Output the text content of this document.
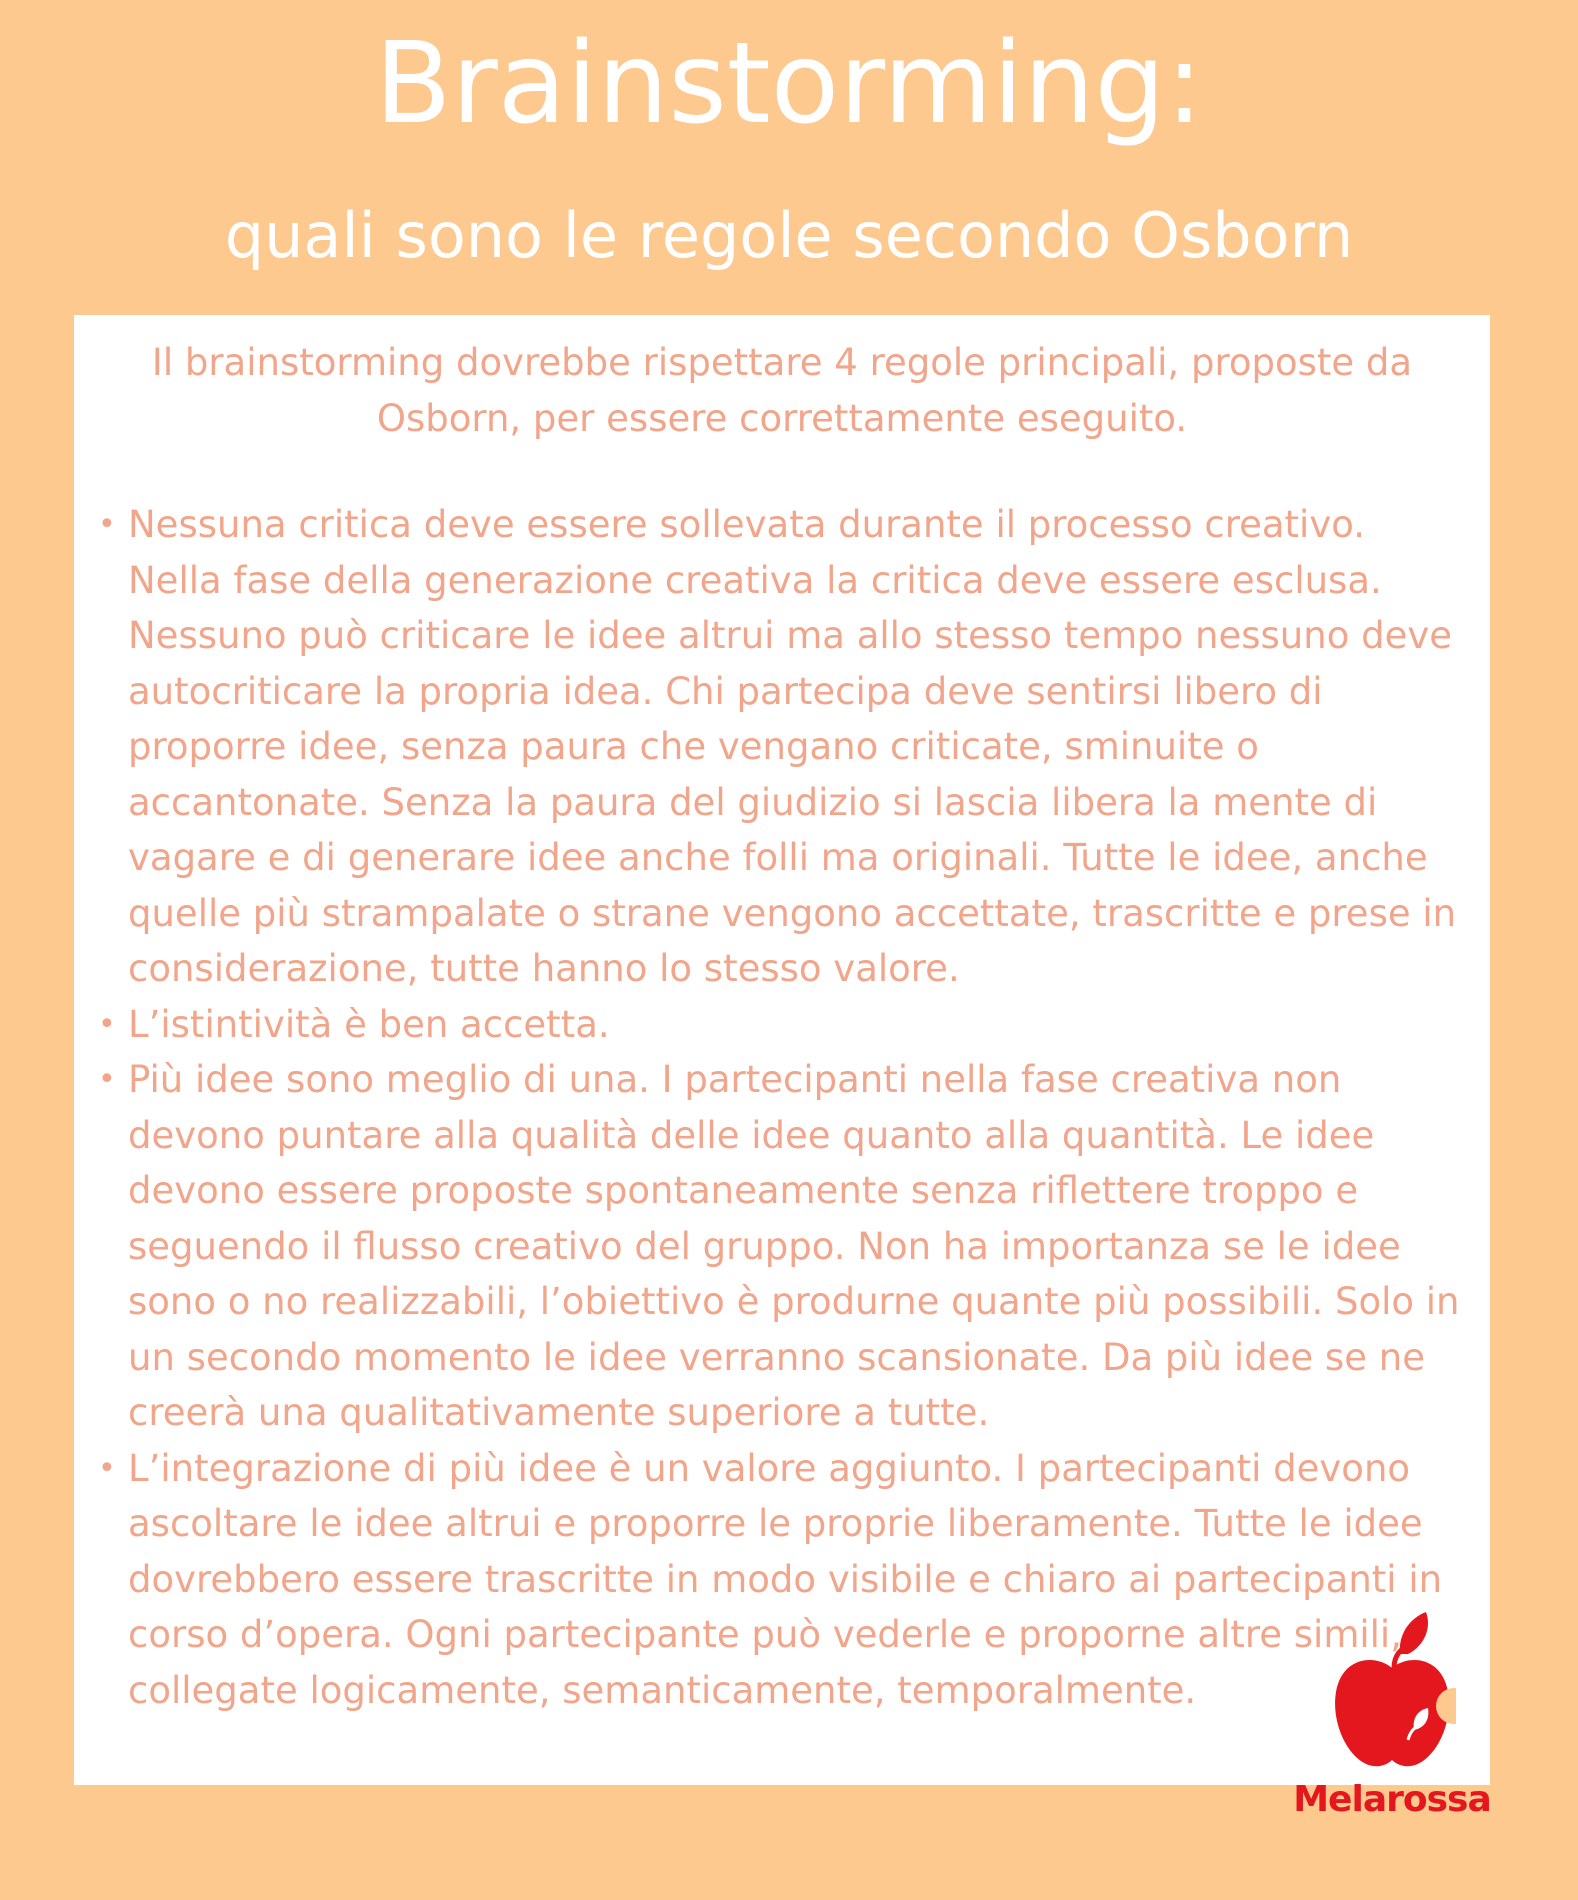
Brainstorming:
quali sono le regole secondo Osborn

Il brainstorming dovrebbe rispettare 4 regole principali, proposte da Osborn, per essere correttamente eseguito.

• Nessuna critica deve essere sollevata durante il processo creativo. Nella fase della generazione creativa la critica deve essere esclusa. Nessuno può criticare le idee altrui ma allo stesso tempo nessuno deve autocriticare la propria idea. Chi partecipa deve sentirsi libero di proporre idee, senza paura che vengano criticate, sminuite o accantonate. Senza la paura del giudizio si lascia libera la mente di vagare e di generare idee anche folli ma originali. Tutte le idee, anche quelle più strampalate o strane vengono accettate, trascritte e prese in considerazione, tutte hanno lo stesso valore.
• L’istintività è ben accetta.
• Più idee sono meglio di una. I partecipanti nella fase creativa non devono puntare alla qualità delle idee quanto alla quantità. Le idee devono essere proposte spontaneamente senza riflettere troppo e seguendo il flusso creativo del gruppo. Non ha importanza se le idee sono o no realizzabili, l’obiettivo è produrne quante più possibili. Solo in un secondo momento le idee verranno scansionate. Da più idee se ne creerà una qualitativamente superiore a tutte.
• L’integrazione di più idee è un valore aggiunto. I partecipanti devono ascoltare le idee altrui e proporre le proprie liberamente. Tutte le idee dovrebbero essere trascritte in modo visibile e chiaro ai partecipanti in corso d’opera. Ogni partecipante può vederle e proporne altre simili, collegate logicamente, semanticamente, temporalmente.
Melarossa
